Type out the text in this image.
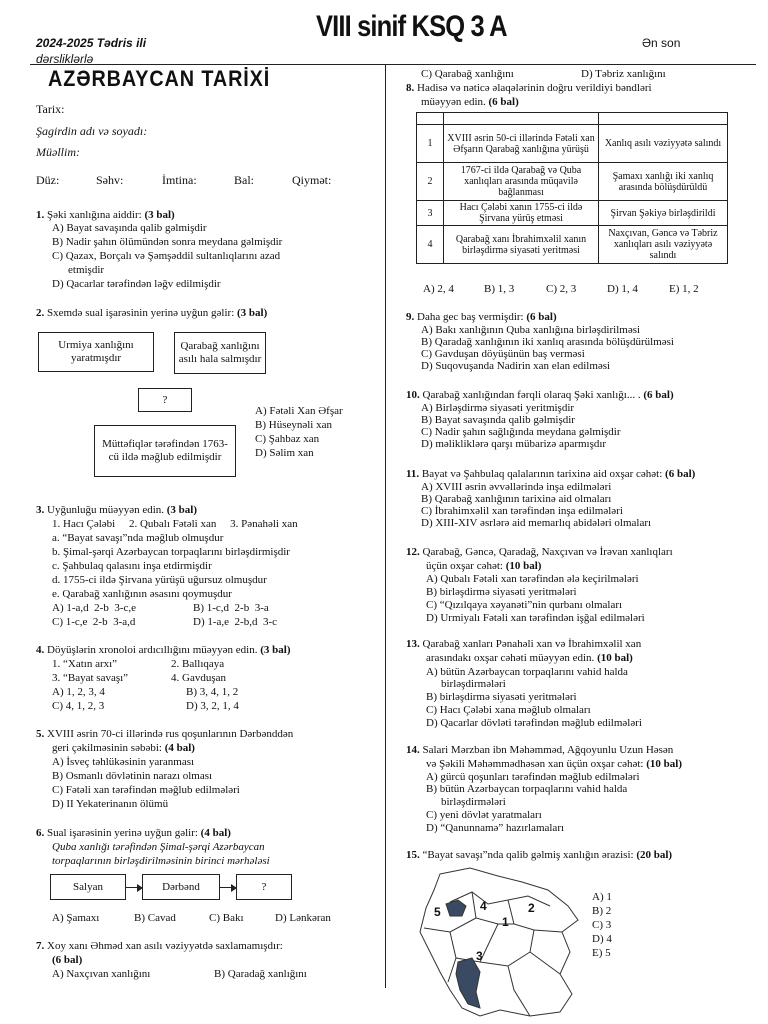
2024-2025 Tədris ili
dərsliklərlə
VIII sinif KSQ 3 A	Ən son
AZƏRBAYCAN TARİXİ
Tarix:
Şagirdin adı və soyadı:
Müəllim:
Düz:	Səhv:	İmtina:	Bal:	Qiymət:
1. Şəki xanlığına aiddir: (3 bal)
A) Bayat savaşında qalib gəlmişdir
B) Nadir şahın ölümündən sonra meydana gəlmişdir
C) Qazax, Borçalı və Şəmşəddil sultanlıqlarını azad
etmişdir
D) Qacarlar tərəfindən ləğv edilmişdir
2. Sxemdə sual işarəsinin yerinə uyğun gəlir: (3 bal)
Urmiya xanlığını yaratmışdır
Qarabağ xanlığını asılı hala salmışdır
?
Müttəfiqlər tərəfindən 1763-cü ildə məğlub edilmişdir
A) Fətəli Xan Əfşar
B) Hüseynəli xan
C) Şahbaz xan
D) Səlim xan
3. Uyğunluğu müəyyən edin. (3 bal)
1. Hacı Çələbi     2. Qubalı Fətəli xan     3. Pənahəli xan
a. “Bayat savaşı”nda məğlub olmuşdur
b. Şimal-şərqi Azərbaycan torpaqlarını birləşdirmişdir
c. Şahbulaq qalasını inşa etdirmişdir
d. 1755-ci ildə Şirvana yürüşü uğursuz olmuşdur
e. Qarabağ xanlığının əsasını qoymuşdur
A) 1-a,d  2-b  3-c,e	B) 1-c,d  2-b  3-a
C) 1-c,e  2-b  3-a,d	D) 1-a,e  2-b,d  3-c
4. Döyüşlərin xronoloi ardıcıllığını müəyyən edin. (3 bal)
1. “Xatın arxı”	2. Ballıqaya
3. “Bayat savaşı”	4. Gavduşan
A) 1, 2, 3, 4	B) 3, 4, 1, 2
C) 4, 1, 2, 3	D) 3, 2, 1, 4
5. XVIII əsrin 70-ci illərində rus qoşunlarının Dərbənddən
geri çəkilməsinin səbəbi: (4 bal)
A) İsveç təhlükəsinin yaranması
B) Osmanlı dövlətinin narazı olması
C) Fətəli xan tərəfindən məğlub edilmələri
D) II Yekaterinanın ölümü
6. Sual işarəsinin yerinə uyğun gəlir: (4 bal)
Quba xanlığı tərəfindən Şimal-şərqi Azərbaycan
torpaqlarının birləşdirilməsinin birinci mərhələsi
Salyan	Dərbənd	?
A) Şamaxı	B) Cavad	C) Bakı	D) Lənkəran
7. Xoy xanı Əhməd xan asılı vəziyyətdə saxlamamışdır:
(6 bal)
A) Naxçıvan xanlığını	B) Qaradağ xanlığını
C) Qarabağ xanlığını	D) Təbriz xanlığını
8. Hadisə və nəticə əlaqələrinin doğru verildiyi bəndləri
müəyyən edin. (6 bal)

1	XVIII əsrin 50-ci illərində Fətəli xan Əfşarın Qarabağ xanlığına yürüşü	Xanlıq asılı vəziyyətə salındı
2	1767-ci ildə Qarabağ və Quba xanlıqları arasında müqavilə bağlanması	Şamaxı xanlığı iki xanlıq arasında bölüşdürüldü
3	Hacı Çələbi xanın 1755-ci ildə Şirvana yürüş etməsi	Şirvan Şəkiyə birləşdirildi
4	Qarabağ xanı İbrahimxəlil xanın birləşdirmə siyasəti yeritməsi	Naxçıvan, Gəncə və Təbriz xanlıqları asılı vəziyyətə salındı
A) 2, 4	B) 1, 3	C) 2, 3	D) 1, 4	E) 1, 2
9. Daha gec baş vermişdir: (6 bal)
A) Bakı xanlığının Quba xanlığına birləşdirilməsi
B) Qaradağ xanlığının iki xanlıq arasında bölüşdürülməsi
C) Gavduşan döyüşünün baş verməsi
D) Suqovuşanda Nadirin xan elan edilməsi
10. Qarabağ xanlığından fərqli olaraq Şəki xanlığı... . (6 bal)
A) Birləşdirmə siyasəti yeritmişdir
B) Bayat savaşında qalib gəlmişdir
C) Nadir şahın sağlığında meydana gəlmişdir
D) məlikliklərə qarşı mübarizə aparmışdır
11. Bayat və Şahbulaq qalalarının tarixinə aid oxşar cəhət: (6 bal)
A) XVIII əsrin əvvəllərində inşa edilmələri
B) Qarabağ xanlığının tarixinə aid olmaları
C) İbrahimxəlil xan tərəfindən inşa edilmələri
D) XIII-XIV əsrlərə aid memarlıq abidələri olmaları
12. Qarabağ, Gəncə, Qaradağ, Naxçıvan və İrəvan xanlıqları
üçün oxşar cəhət: (10 bal)
A) Qubalı Fətəli xan tərəfindən ələ keçirilmələri
B) birləşdirmə siyasəti yeritmələri
C) “Qızılqaya xəyanəti”nin qurbanı olmaları
D) Urmiyalı Fətəli xan tərəfindən işğal edilmələri
13. Qarabağ xanları Pənahəli xan və İbrahimxəlil xan
arasındakı oxşar cəhəti müəyyən edin. (10 bal)
A) bütün Azərbaycan torpaqlarını vahid halda
birləşdirmələri
B) birləşdirmə siyasəti yeritmələri
C) Hacı Çələbi xana məğlub olmaları
D) Qacarlar dövləti tərəfindən məğlub edilmələri
14. Salari Mərzban ibn Məhəmməd, Ağqoyunlu Uzun Həsən
və Şəkili Məhəmmədhəsən xan üçün oxşar cəhət: (10 bal)
A) gürcü qoşunları tərəfindən məğlub edilmələri
B) bütün Azərbaycan torpaqlarını vahid halda
birləşdirmələri
C) yeni dövlət yaratmaları
D) “Qanunnamə” hazırlamaları
15. “Bayat savaşı”nda qalib gəlmiş xanlığın ərazisi: (20 bal)
5	4	2
1
3
A) 1
B) 2
C) 3
D) 4
E) 5
